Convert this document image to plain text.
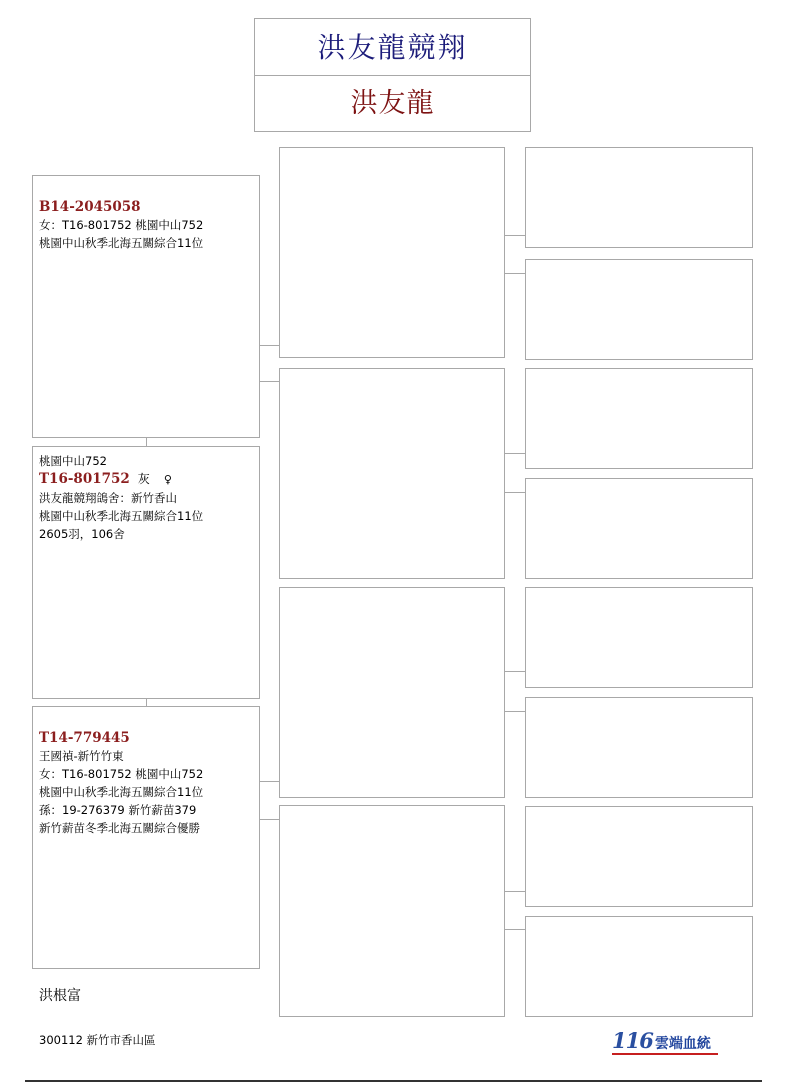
洪友龍競翔
洪友龍
B14-2045058
女：T16-801752 桃園中山752
桃園中山秋季北海五關綜合11位
桃園中山752
T16-801752 灰 ♀
洪友龍競翔鴿舍：新竹香山
桃園中山秋季北海五關綜合11位
2605羽，106舍
T14-779445
王國禎-新竹竹東
女：T16-801752 桃園中山752
桃園中山秋季北海五關綜合11位
孫：19-276379 新竹薪苗379
新竹薪苗冬季北海五關綜合優勝
洪根富
300112 新竹市香山區	116 雲端血統
